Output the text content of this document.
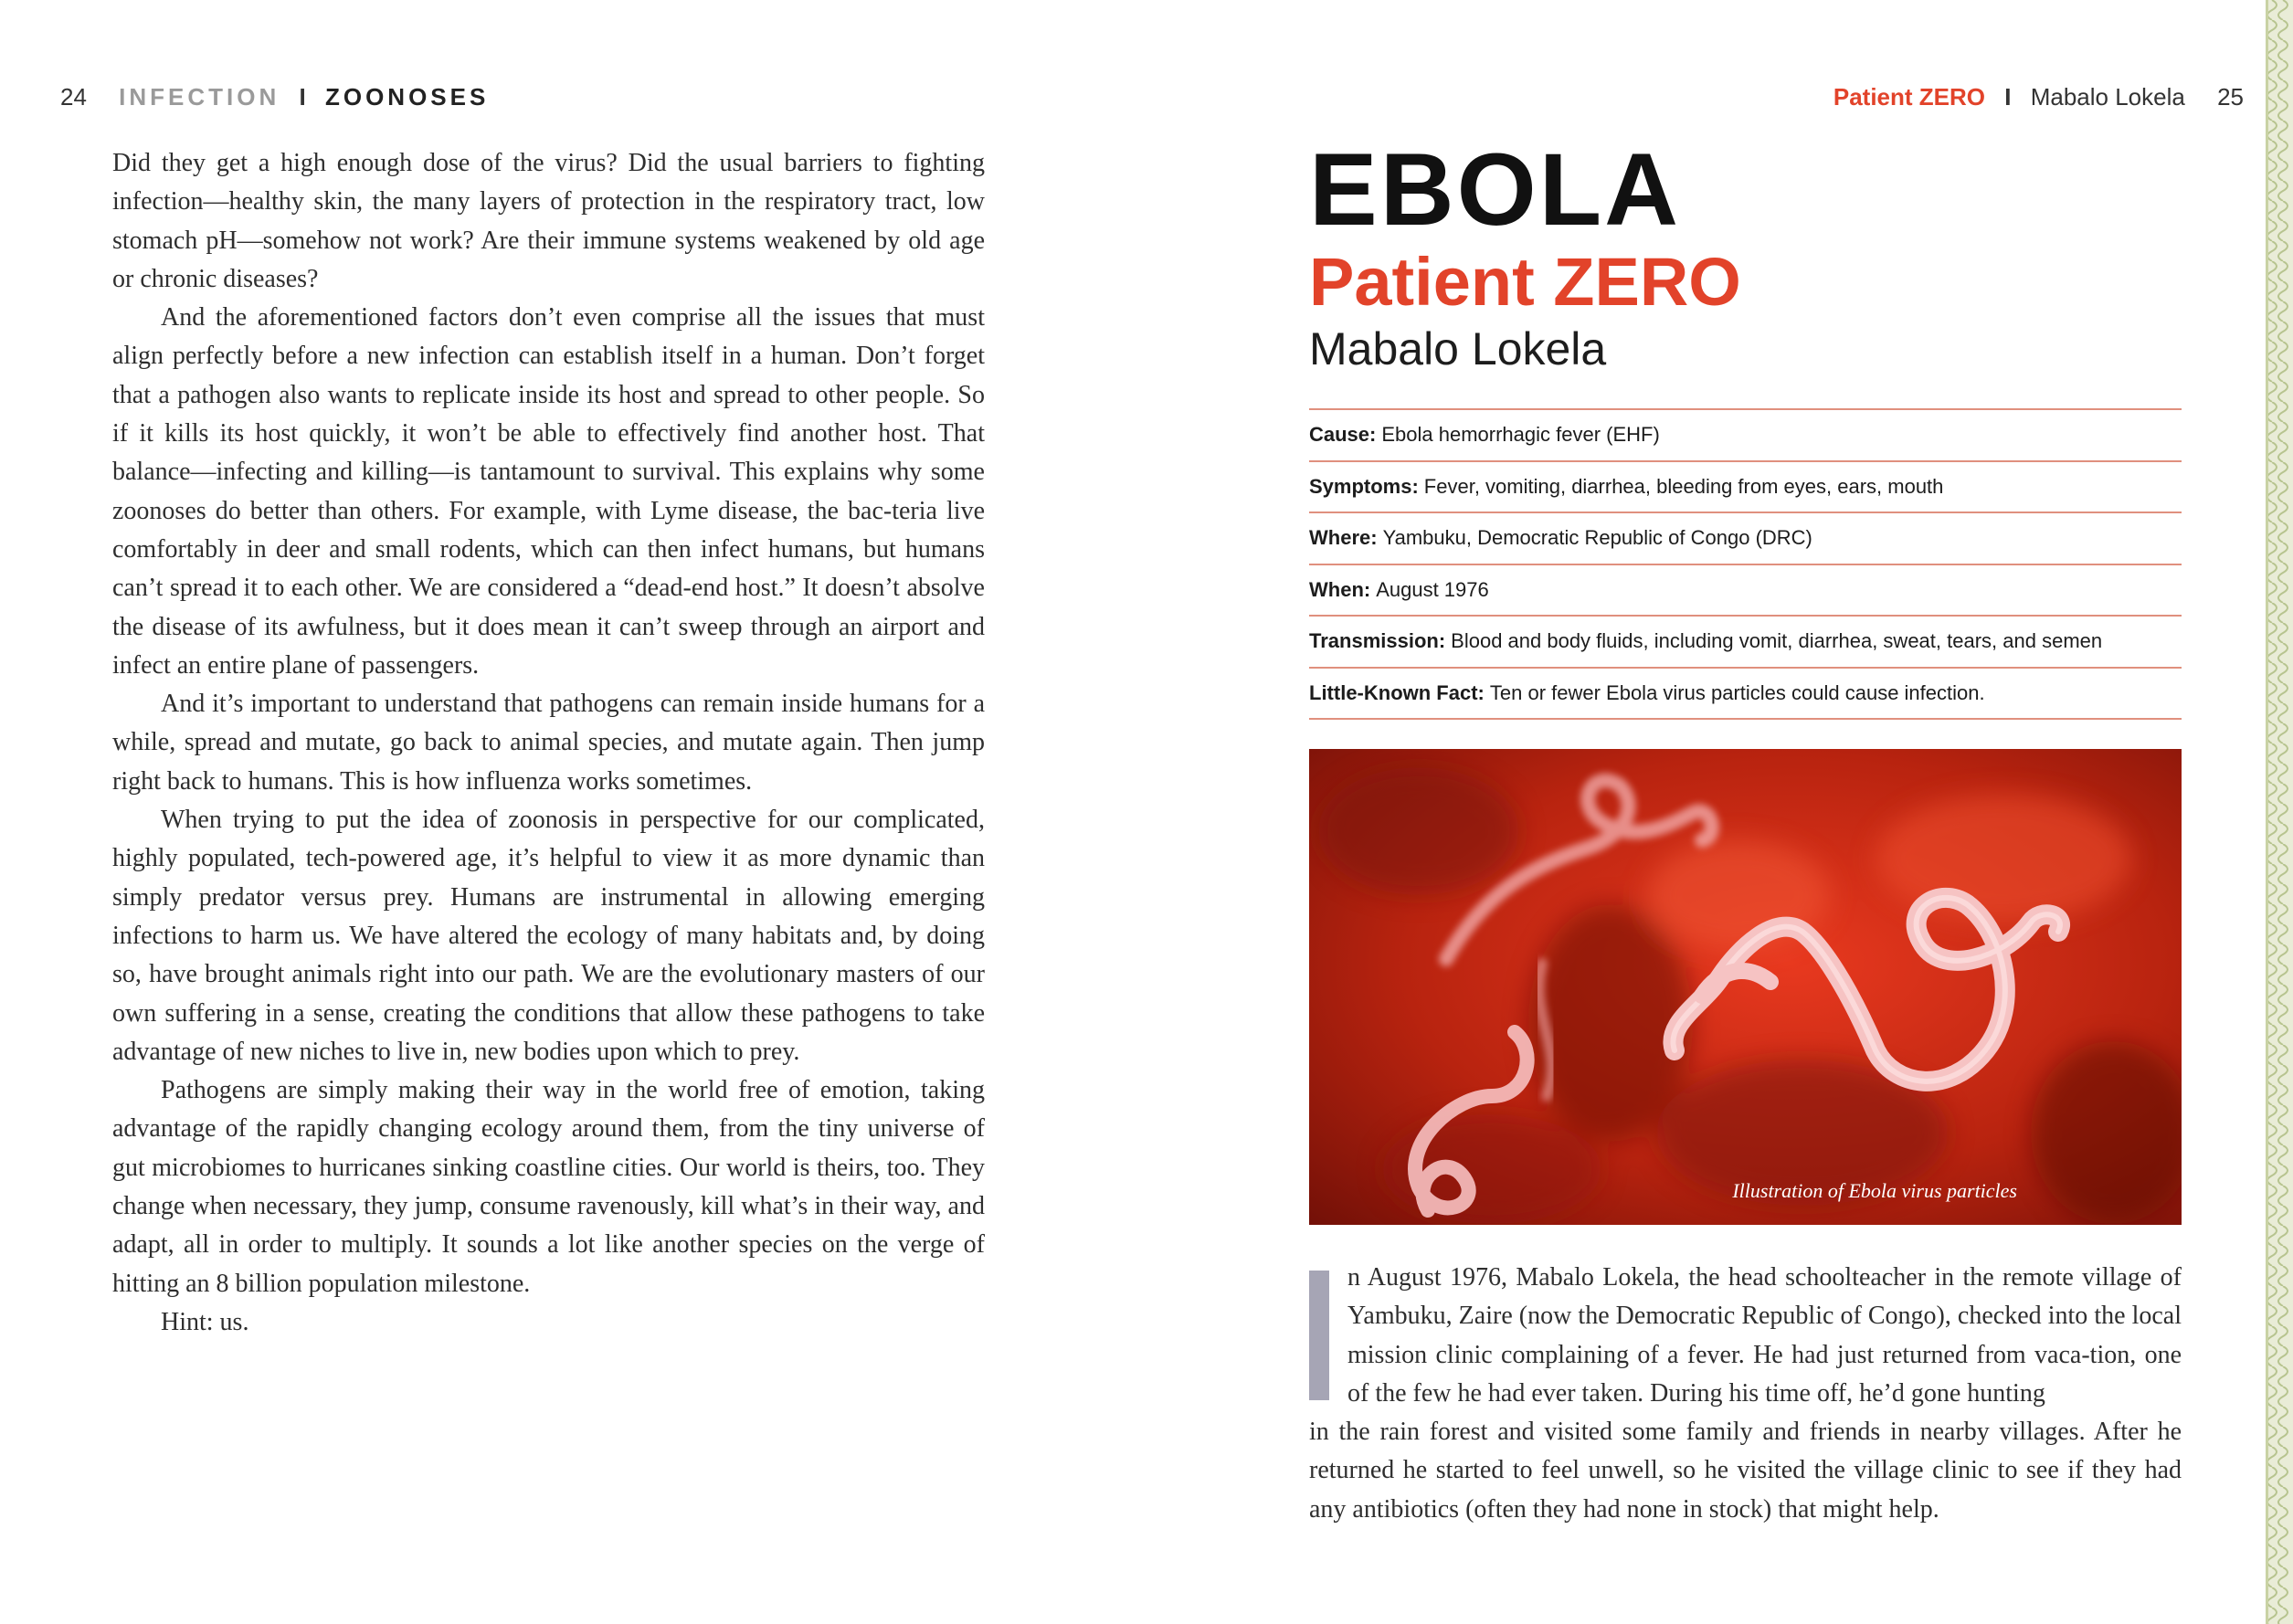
24 INFECTION I ZOONOSES

Did they get a high enough dose of the virus? Did the usual barriers to fighting infection—healthy skin, the many layers of protection in the respiratory tract, low stomach pH—somehow not work? Are their immune systems weakened by old age or chronic diseases?

And the aforementioned factors don’t even comprise all the issues that must align perfectly before a new infection can establish itself in a human. Don’t forget that a pathogen also wants to replicate inside its host and spread to other people. So if it kills its host quickly, it won’t be able to effectively find another host. That balance—infecting and killing—is tantamount to survival. This explains why some zoonoses do better than others. For example, with Lyme disease, the bac-teria live comfortably in deer and small rodents, which can then infect humans, but humans can’t spread it to each other. We are considered a “dead-end host.” It doesn’t absolve the disease of its awfulness, but it does mean it can’t sweep through an airport and infect an entire plane of passengers.

And it’s important to understand that pathogens can remain inside humans for a while, spread and mutate, go back to animal species, and mutate again. Then jump right back to humans. This is how influenza works sometimes.

When trying to put the idea of zoonosis in perspective for our complicated, highly populated, tech-powered age, it’s helpful to view it as more dynamic than simply predator versus prey. Humans are instrumental in allowing emerging infections to harm us. We have altered the ecology of many habitats and, by doing so, have brought animals right into our path. We are the evolutionary masters of our own suffering in a sense, creating the conditions that allow these pathogens to take advantage of new niches to live in, new bodies upon which to prey.

Pathogens are simply making their way in the world free of emotion, taking advantage of the rapidly changing ecology around them, from the tiny universe of gut microbiomes to hurricanes sinking coastline cities. Our world is theirs, too. They change when necessary, they jump, consume ravenously, kill what’s in their way, and adapt, all in order to multiply. It sounds a lot like another species on the verge of hitting an 8 billion population milestone.

Hint: us.

Patient ZERO I Mabalo Lokela 25
EBOLA
Patient ZERO
Mabalo Lokela
Cause: Ebola hemorrhagic fever (EHF)
Symptoms: Fever, vomiting, diarrhea, bleeding from eyes, ears, mouth
Where: Yambuku, Democratic Republic of Congo (DRC)
When: August 1976
Transmission: Blood and body fluids, including vomit, diarrhea, sweat, tears, and semen
Little-Known Fact: Ten or fewer Ebola virus particles could cause infection.
Illustration of Ebola virus particles

n August 1976, Mabalo Lokela, the head schoolteacher in the remote village of Yambuku, Zaire (now the Democratic Republic of Congo), checked into the local mission clinic complaining of a fever. He had just returned from vaca-tion, one of the few he had ever taken. During his time off, he’d gone hunting

in the rain forest and visited some family and friends in nearby villages. After he returned he started to feel unwell, so he visited the village clinic to see if they had any antibiotics (often they had none in stock) that might help.
